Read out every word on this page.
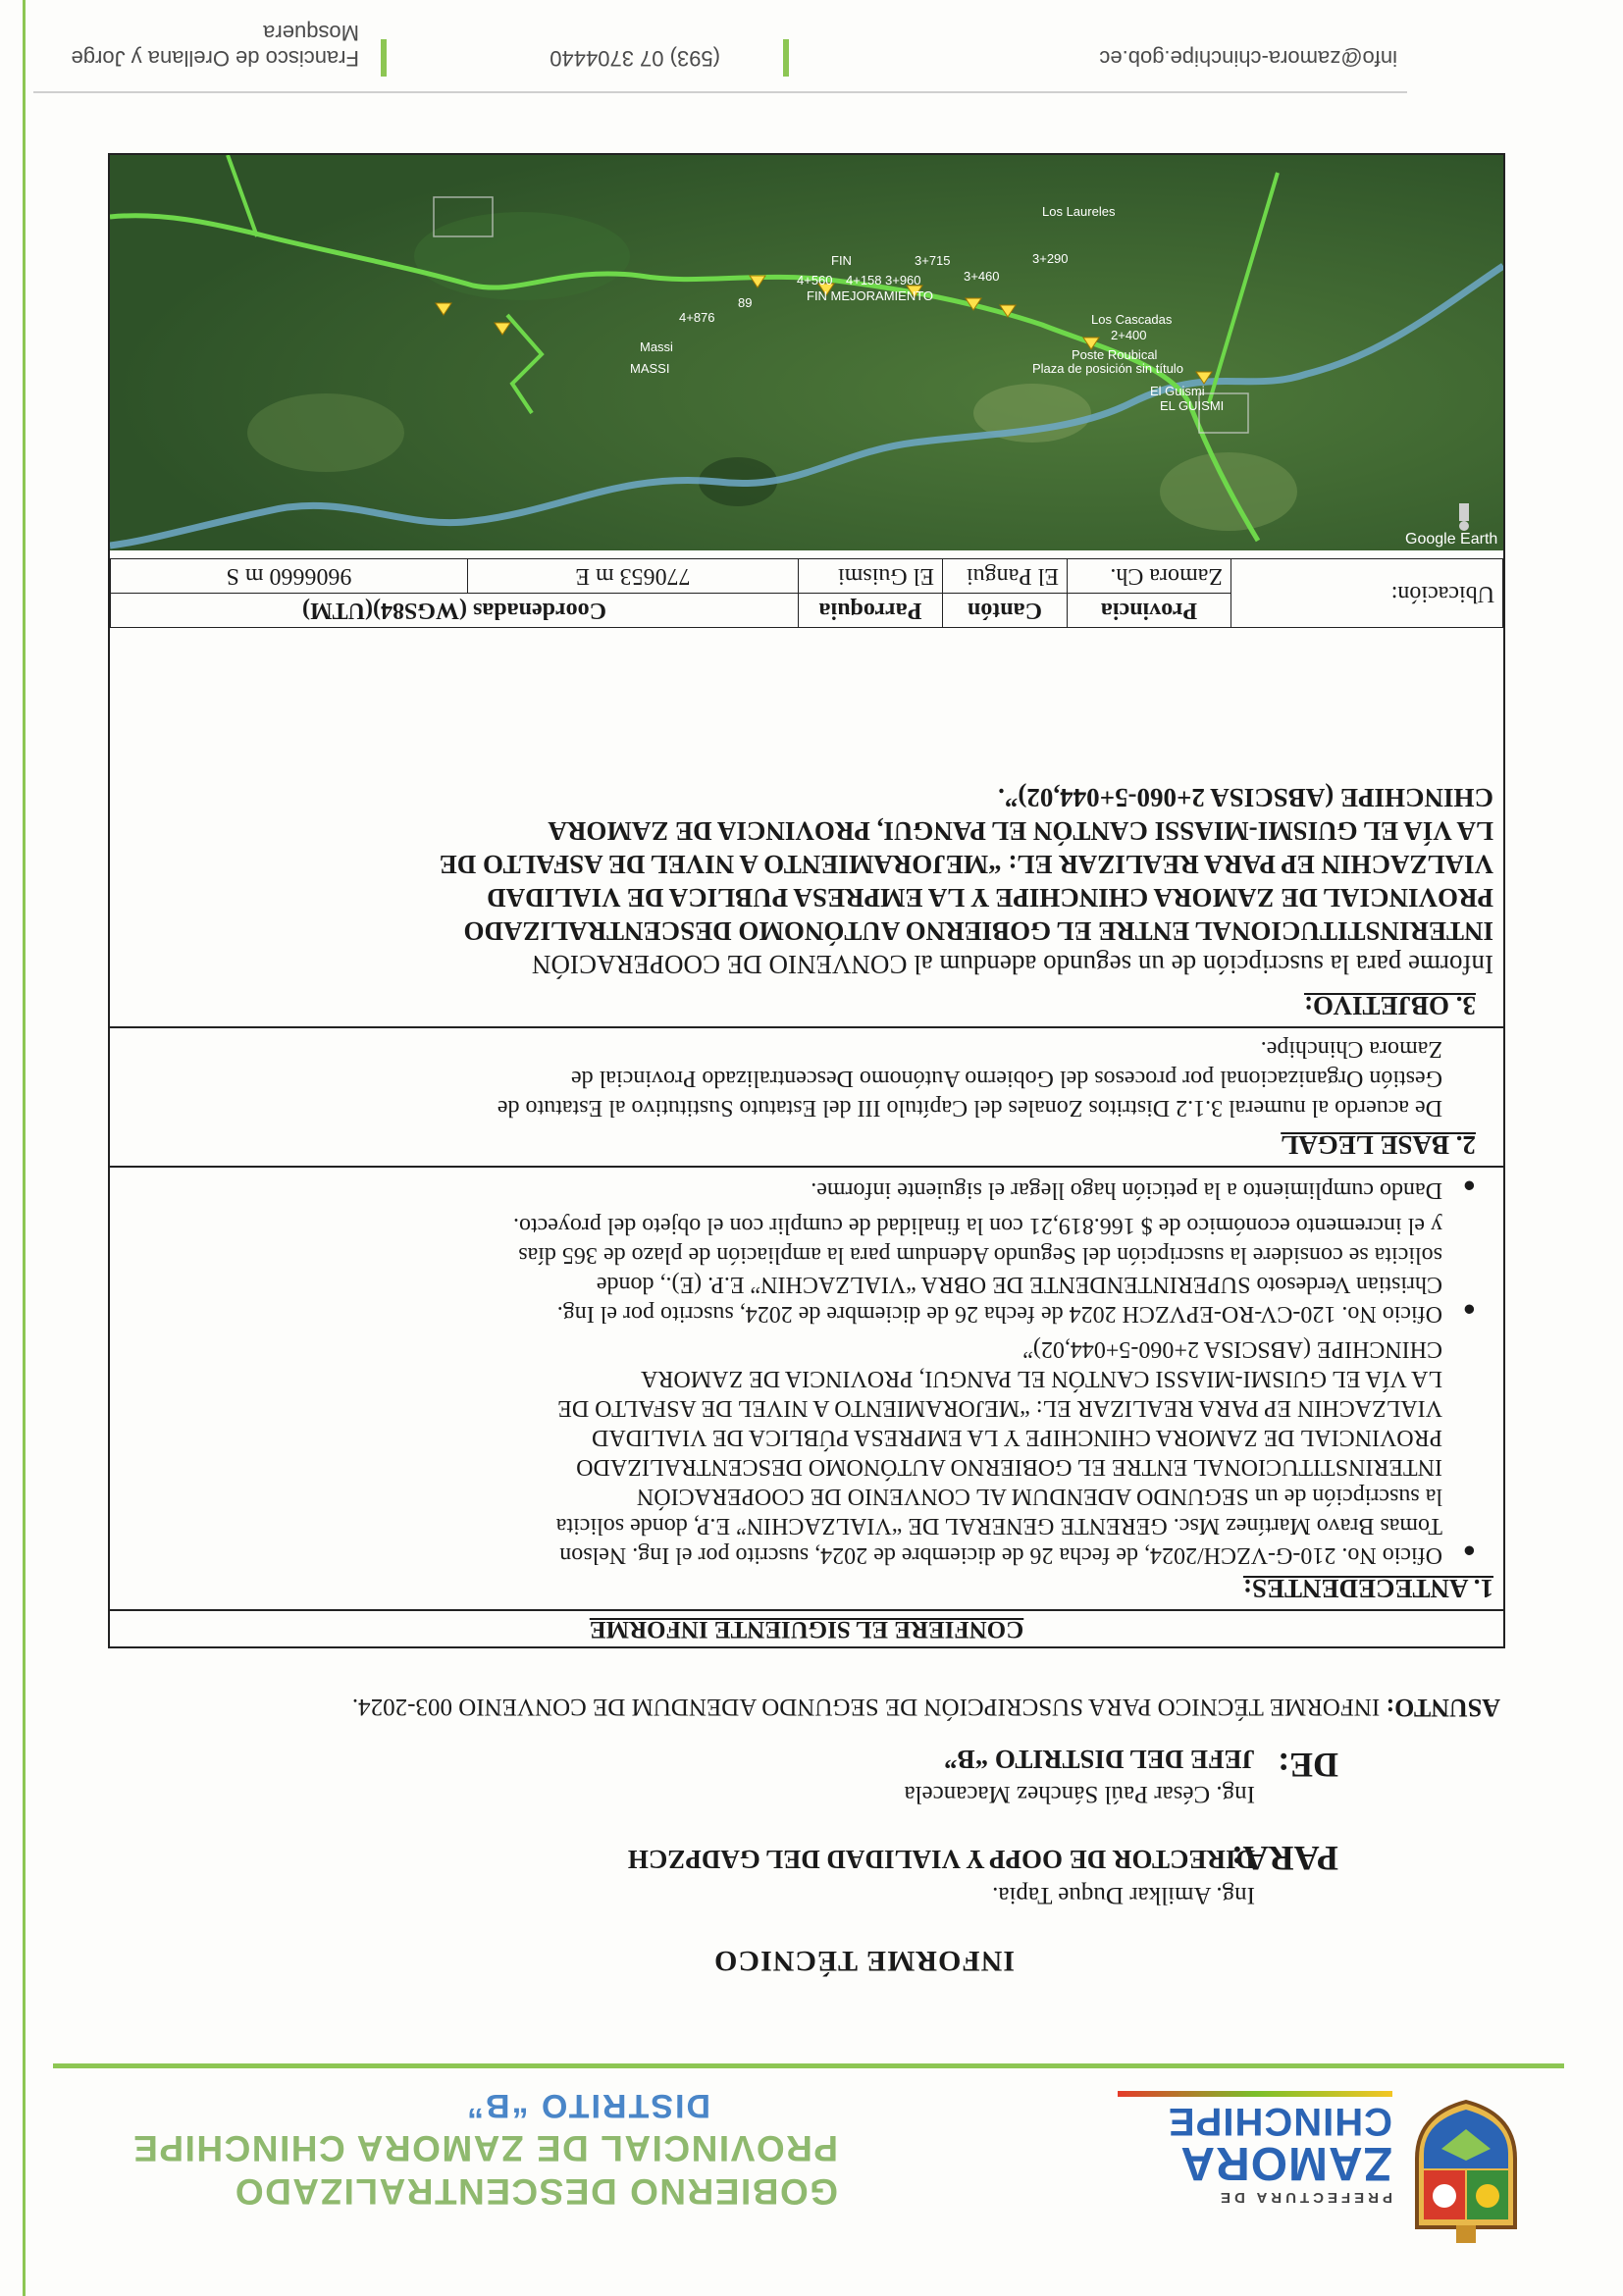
PREFECTURA DE
ZAMORA
CHINCHIPE
GOBIERNO DESCENTRALIZADO
PROVINCIAL DE ZAMORA CHINCHIPE
DISTRITO “B”
INFORME TÉCNICO
PARA:
Ing. Amilkar Duque Tapia.
DIRECTOR DE OOPP Y VIALIDAD DEL GADPZCH
DE:
Ing. César Paúl Sánchez Macancela
JEFE DEL DISTRITO “B”
ASUNTO: INFORME TÉCNICO PARA SUSCRIPCIÓN DE SEGUNDO ADENDUM DE CONVENIO 003-2024.
CONFIERE EL SIGUIENTE INFORME
1. ANTECEDENTES:
●
Oficio No. 210-G-VZCH/2024, de fecha 26 de diciembre de 2024, suscrito por el Ing. Nelson
Tomas Bravo Martínez Msc. GERENTE GENERAL DE “VIALZACHIN” E.P, donde solicita
la suscripción de un SEGUNDO ADENDUM AL CONVENIO DE COOPERACIÓN
INTERINSTITUCIONAL ENTRE EL GOBIERNO AUTÓNOMO DESCENTRALIZADO
PROVINCIAL DE ZAMORA CHINCHIPE Y LA EMPRESA PÚBLICA DE VIALIDAD
VIALZACHIN EP PARA REALIZAR EL: “MEJORAMIENTO A NIVEL DE ASFALTO DE
LA VÍA EL GUISMI-MIASSI CANTÓN EL PANGUI, PROVINCIA DE ZAMORA
CHINCHIPE (ABSCISA 2+060-5+044,02)”
●
Oficio No. 120-CV-RO-EPVZCH 2024 de fecha 26 de diciembre de 2024, suscrito por el Ing.
Christian Verdesoto SUPERINTENDENTE DE OBRA “VIALZACHIN” E.P. (E)., donde
solicita se considere la suscripción del Segundo Adendum para la ampliación de plazo de 365 días
y el incremento económico de $ 166.819,21 con la finalidad de cumplir con el objeto del proyecto.
●
Dando cumplimiento a la petición hago llegar el siguiente informe.
2. BASE LEGAL
De acuerdo al numeral 3.1.2 Distritos Zonales del Capítulo III del Estatuto Sustitutivo al Estatuto de
Gestión Organizacional por procesos del Gobierno Autónomo Descentralizado Provincial de
Zamora Chinchipe.
3. OBJETIVO:
Informe para la suscripción de un segundo adendum al CONVENIO DE COOPERACIÓN
INTERINSTITUCIONAL ENTRE EL GOBIERNO AUTÓNOMO DESCENTRALIZADO
PROVINCIAL DE ZAMORA CHINCHIPE Y LA EMPRESA PUBLICA DE VIALIDAD
VIALZACHIN EP PARA REALIZAR EL: “MEJORAMIENTO A NIVEL DE ASFALTO DE
LA VÍA EL GUISMI-MIASSI CANTÓN EL PANGUI, PROVINCIA DE ZAMORA
CHINCHIPE (ABSCISA 2+060-5+044,02)”.
Ubicación:	Provincia	Cantón	Parroquia	Coordenadas (WGS84)(UTM)	
	Zamora Ch.	El Pangui	El Guismi	770653 m E	9606660 m S
EL GUISMI
El Guismi
Plaza de posición sin título
Poste Roubical
2+400
Los Cascadas
Los Laureles
3+290
3+460
3+715
3+960
4+158
4+560
FIN
FIN MEJORAMIENTO
89
4+876
Massi
MASSI
Google Earth
Francisco de Orellana y Jorge Mosquera
(593) 07 3704440	info@zamora-chinchipe.gob.ec
